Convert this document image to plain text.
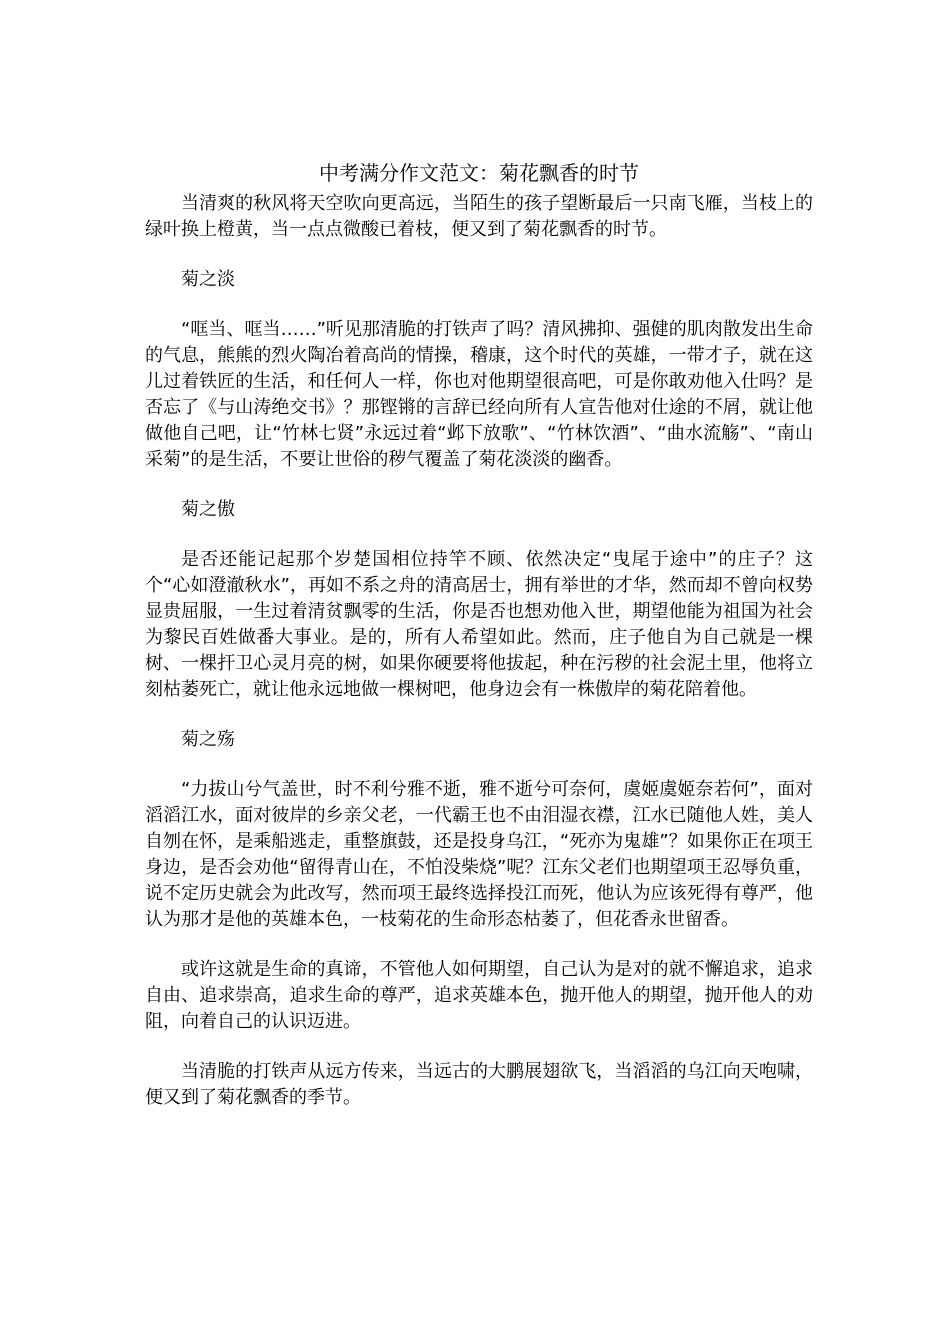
中考满分作文范文：菊花飘香的时节

当清爽的秋风将天空吹向更高远，当陌生的孩子望断最后一只南飞雁，当枝上的绿叶换上橙黄，当一点点微酸已着枝，便又到了菊花飘香的时节。

菊之淡

“哐当、哐当……”听见那清脆的打铁声了吗？清风拂抑、强健的肌肉散发出生命的气息，熊熊的烈火陶冶着高尚的情操，稽康，这个时代的英雄，一带才子，就在这儿过着铁匠的生活，和任何人一样，你也对他期望很高吧，可是你敢劝他入仕吗？是否忘了《与山涛绝交书》？那铿锵的言辞已经向所有人宣告他对仕途的不屑，就让他做他自己吧，让“竹林七贤”永远过着“邺下放歌”、“竹林饮酒”、“曲水流觞”、“南山采菊”的是生活，不要让世俗的秽气覆盖了菊花淡淡的幽香。

菊之傲

是否还能记起那个岁楚国相位持竿不顾、依然决定“曳尾于途中”的庄子？这个“心如澄澈秋水”，再如不系之舟的清高居士，拥有举世的才华，然而却不曾向权势显贵屈服，一生过着清贫飘零的生活，你是否也想劝他入世，期望他能为祖国为社会为黎民百姓做番大事业。是的，所有人希望如此。然而，庄子他自为自己就是一棵树、一棵扞卫心灵月亮的树，如果你硬要将他拔起，种在污秽的社会泥土里，他将立刻枯萎死亡，就让他永远地做一棵树吧，他身边会有一株傲岸的菊花陪着他。

菊之殇

“力拔山兮气盖世，时不利兮雅不逝，雅不逝兮可奈何，虞姬虞姬奈若何”，面对滔滔江水，面对彼岸的乡亲父老，一代霸王也不由泪湿衣襟，江水已随他人姓，美人自刎在怀，是乘船逃走，重整旗鼓，还是投身乌江，“死亦为鬼雄”？如果你正在项王身边，是否会劝他“留得青山在，不怕没柴烧”呢？江东父老们也期望项王忍辱负重，说不定历史就会为此改写，然而项王最终选择投江而死，他认为应该死得有尊严，他认为那才是他的英雄本色，一枝菊花的生命形态枯萎了，但花香永世留香。

或许这就是生命的真谛，不管他人如何期望，自己认为是对的就不懈追求，追求自由、追求崇高，追求生命的尊严，追求英雄本色，抛开他人的期望，抛开他人的劝阻，向着自己的认识迈进。

当清脆的打铁声从远方传来，当远古的大鹏展翅欲飞，当滔滔的乌江向天咆啸，便又到了菊花飘香的季节。
